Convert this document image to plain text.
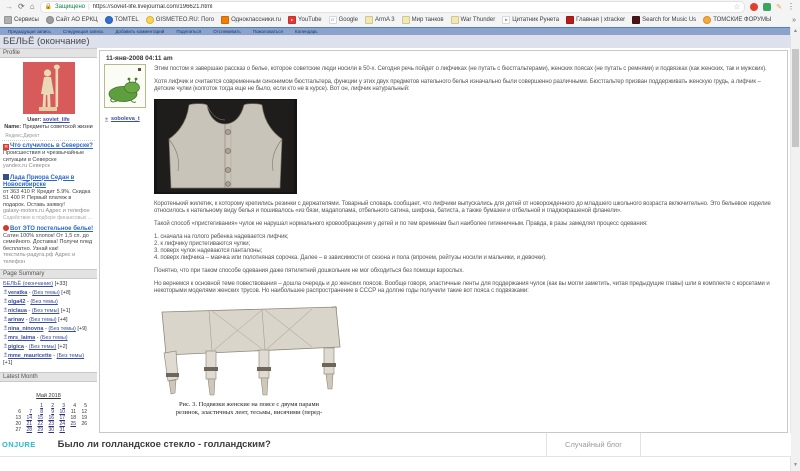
→ ⟳ ⌂ 🔒 Защищено | https://soviet-life.livejournal.com/196621.html	☆	✎ ⋮
Сервисы	Сайт АО ЕРКЦ	TOMTEL	GISMETEO.RU: Пого	Одноклассники.ru	▸ YouTube	G Google	ArmA 3	Мир танков	War Thunder	b Цитатник Рунета	Главная | xtracker	Search for Music Us	ТОМСКИЕ ФОРУМЫ	»
Предыдущая запись	Следующая запись	Добавить комментарий	Поделиться	Отслеживать	Пожаловаться	Календарь
БЕЛЬЁ (окончание)
Profile
User: soviet_life
Name: Предметы советской жизни
Яндекс.Директ
Я Что случилось в Северске?
Происшествия и чрезвычайные ситуации в Северске
yandex.ru Северск
Лада Приора Седан в Новосибирске
от 363 410 Р. Кредит 5.9%. Скидка 51 400 Р. Первый платеж в подарок. Оставь заявку!
galaxy-motors.ru Адрес и телефон
Содействие в подборе финансовых ...
Вот ЭТО постельное белье!
Сатин 100% хлопок! От 1,5 сп. до семейного. Доставка! Получи плед бесплатно. Узнай как!
текстиль-радуга.рф Адрес и телефон
Page Summary
БЕЛЬЁ (окончание) [+33]
veratka - (Без темы) [+8]
olga42 - (Без темы)
niclaua - (Без темы) [+1]
arinav - (Без темы) [+4]
nina_ninovna - (Без темы) [+9]
mrs_laima - (Без темы)
pigica - (Без темы) [+2]
mme_mauricette - (Без темы) [+1]
Latest Month
Май 2018
		1	2	3	4	5
6	7	8	9	10	11	12
13	14	15	16	17	18	19
20	21	22	23	24	25	26
27	28	29	30	31		
11-янв-2008 04:11 am
soboleva_t

Этим постом я завершаю рассказ о белье, которое советские люди носили в 50-х. Сегодня речь пойдет о лифчиках (не путать с бюстгальтерами), женских поясах (не путать с ремнями) и подвязках (как женских, так и мужских).

Хотя лифчик и считается современным синонимом бюстгальтера, функции у этих двух предметов нательного белья изначально были совершенно различными. Бюстгальтер призван поддерживать женскую грудь, а лифчик – детские чулки (колготок тогда еще не было, если кто не в курсе). Вот он, лифчик натуральный:

Коротенький жилетик, к которому крепились резинки с держателями. Товарный словарь сообщает, что лифчики выпускались для детей от новорожденного до младшего школьного возраста включительно. Это бельевое изделие относилось к нательному виду белья и пошивалось «из бязи, мадаполама, отбельного сатина, шифона, батиста, а также бумазеи и отбельной и гладкокрашеной фланели».

Такой способ «пристегивания» чулок не нарушал нормального кровообращения у детей и по тем временам был наиболее гигиеничным. Правда, в разы замедлял процесс одевания:

1. сначала на голого ребенка надевается лифчик;

2. к лифчику пристегиваются чулки;

3. поверх чулок надеваются панталоны;

4. поверх лифчика – маечка или полотняная сорочка. Далее – в зависимости от сезона и пола (впрочем, рейтузы носили и мальчики, и девочки).

Понятно, что при таком способе одевания даже пятилетний дошкольник не мог обходиться без помощи взрослых.

Но вернемся к основной теме повествования – дошла очередь и до женских поясов. Вообще говоря, эластичные ленты для поддержания чулок (как вы могли заметить, читая предыдущие главы) шли в комплекте с корсетами и некоторыми моделями женских трусов. Но наибольшее распространение в СССР на долгие годы получили такие вот пояса с подвязками:

Рис. 3. Подвязки женские на поясе с двумя парами
резинок, эластичных лент, тесьмы, висячими (перед-
ONJURE Было ли голландское стекло - голландским?	Случайный блог
▲
▼
